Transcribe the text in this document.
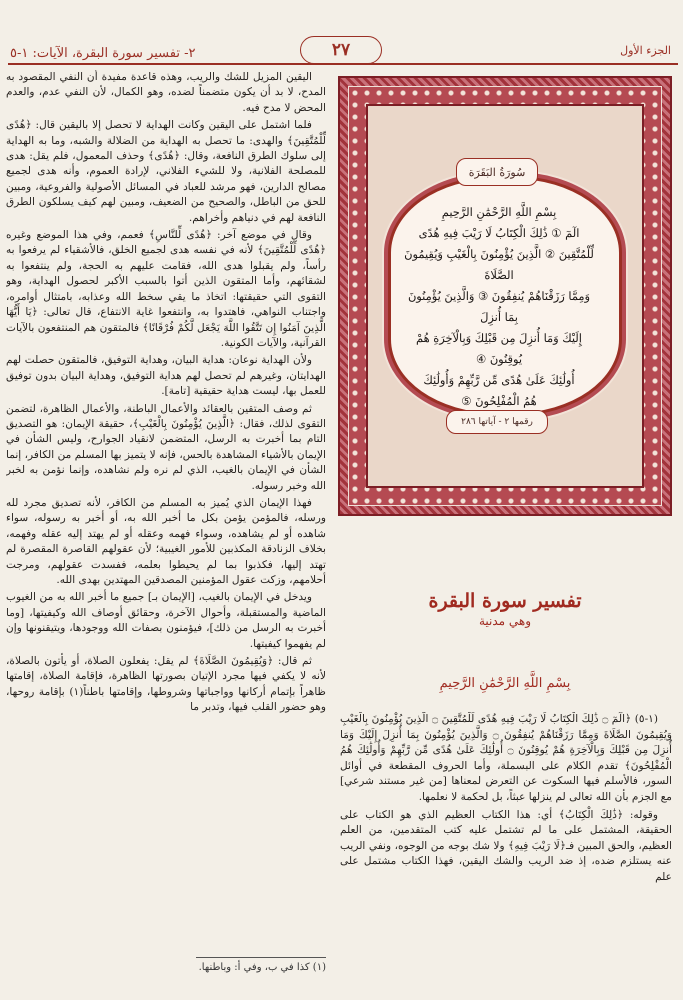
٢- تفسير سورة البقرة، الآيات: ١-٥	٢٧	الجزء الأول

اليقين المزيل للشك والريب، وهذه قاعدة مفيدة أن النفي المقصود به المدح، لا بد أن يكون متضمناً لضده، وهو الكمال، لأن النفي عدم، والعدم المحض لا مدح فيه.

فلما اشتمل على اليقين وكانت الهداية لا تحصل إلا باليقين قال: ﴿هُدًى لِّلْمُتَّقِينَ﴾ والهدى: ما تحصل به الهداية من الضلالة والشبه، وما به الهداية إلى سلوك الطرق النافعة، وقال: ﴿هُدًى﴾ وحذف المعمول، فلم يقل: هدى للمصلحة الفلانية، ولا للشيء الفلاني، لإرادة العموم، وأنه هدى لجميع مصالح الدارين، فهو مرشد للعباد في المسائل الأصولية والفروعية، ومبين للحق من الباطل، والصحيح من الضعيف، ومبين لهم كيف يسلكون الطرق النافعة لهم في دنياهم وأخراهم.

وقال في موضع آخر: ﴿هُدًى لِّلنَّاسِ﴾ فعمم، وفي هذا الموضع وغيره ﴿هُدًى لِّلْمُتَّقِينَ﴾ لأنه في نفسه هدى لجميع الخلق، فالأشقياء لم يرفعوا به رأساً، ولم يقبلوا هدى الله، فقامت عليهم به الحجة، ولم ينتفعوا به لشقائهم، وأما المتقون الذين أتوا بالسبب الأكبر لحصول الهداية، وهو التقوى التي حقيقتها: اتخاذ ما يقي سخط الله وعذابه، بامتثال أوامره، واجتناب النواهي، فاهتدوا به، وانتفعوا غاية الانتفاع، قال تعالى: ﴿يَا أَيُّهَا الَّذِينَ آمَنُوا إِن تَتَّقُوا اللَّهَ يَجْعَل لَّكُمْ فُرْقَانًا﴾ فالمتقون هم المنتفعون بالآيات القرآنية، والآيات الكونية.

ولأن الهداية نوعان: هداية البيان، وهداية التوفيق، فالمتقون حصلت لهم الهدايتان، وغيرهم لم تحصل لهم هداية التوفيق، وهداية البيان بدون توفيق للعمل بها، ليست هداية حقيقية [تامة].

ثم وصف المتقين بالعقائد والأعمال الباطنة، والأعمال الظاهرة، لتضمن التقوى لذلك، فقال: ﴿الَّذِينَ يُؤْمِنُونَ بِالْغَيْبِ﴾، حقيقة الإيمان: هو التصديق التام بما أخبرت به الرسل، المتضمن لانقياد الجوارح، وليس الشأن في الإيمان بالأشياء المشاهدة بالحس، فإنه لا يتميز بها المسلم من الكافر، إنما الشأن في الإيمان بالغيب، الذي لم نره ولم نشاهده، وإنما نؤمن به لخبر الله وخبر رسوله.

فهذا الإيمان الذي يُميز به المسلم من الكافر، لأنه تصديق مجرد لله ورسله، فالمؤمن يؤمن بكل ما أخبر الله به، أو أخبر به رسوله، سواء شاهده أو لم يشاهده، وسواء فهمه وعقله أو لم يهتد إليه عقله وفهمه، بخلاف الزنادقة المكذبين للأمور الغيبية؛ لأن عقولهم القاصرة المقصرة لم تهتد إليها، فكذبوا بما لم يحيطوا بعلمه، ففسدت عقولهم، ومرجت أحلامهم، وزكت عقول المؤمنين المصدقين المهتدين بهدى الله.

ويدخل في الإيمان بالغيب، [الإيمان بـ] جميع ما أخبر الله به من الغيوب الماضية والمستقبلة، وأحوال الآخرة، وحقائق أوصاف الله وكيفيتها، [وما أخبرت به الرسل من ذلك]، فيؤمنون بصفات الله ووجودها، ويتيقنونها وإن لم يفهموا كيفيتها.

ثم قال: ﴿وَيُقِيمُونَ الصَّلَاةَ﴾ لم يقل: يفعلون الصلاة، أو يأتون بالصلاة، لأنه لا يكفي فيها مجرد الإتيان بصورتها الظاهرة، فإقامة الصلاة، إقامتها ظاهراً بإتمام أركانها وواجباتها وشروطها، وإقامتها باطناً(١) بإقامة روحها، وهو حضور القلب فيها، وتدبر ما

(١) كذا في ب، وفي أ: وباطنها.
سُورَةُ البَقَرَة
بِسْمِ اللَّهِ الرَّحْمَٰنِ الرَّحِيمِ
الٓمٓ ① ذَٰلِكَ الْكِتَابُ لَا رَيْبَ فِيهِ هُدًى
لِّلْمُتَّقِينَ ② الَّذِينَ يُؤْمِنُونَ بِالْغَيْبِ وَيُقِيمُونَ الصَّلَاةَ
وَمِمَّا رَزَقْنَاهُمْ يُنفِقُونَ ③ وَالَّذِينَ يُؤْمِنُونَ بِمَا أُنزِلَ
إِلَيْكَ وَمَا أُنزِلَ مِن قَبْلِكَ وَبِالْآخِرَةِ هُمْ يُوقِنُونَ ④
أُولَٰئِكَ عَلَىٰ هُدًى مِّن رَّبِّهِمْ وَأُولَٰئِكَ
هُمُ الْمُفْلِحُونَ ⑤
رقمها ٢ - آياتها ٢٨٦
تفسير سورة البقرة
وهي مدنية
بِسْمِ اللَّهِ الرَّحْمَٰنِ الرَّحِيمِ

(١-٥) ﴿الٓمٓ ۝ ذَٰلِكَ الْكِتَابُ لَا رَيْبَ فِيهِ هُدًى لِّلْمُتَّقِينَ ۝ الَّذِينَ يُؤْمِنُونَ بِالْغَيْبِ وَيُقِيمُونَ الصَّلَاةَ وَمِمَّا رَزَقْنَاهُمْ يُنفِقُونَ ۝ وَالَّذِينَ يُؤْمِنُونَ بِمَا أُنزِلَ إِلَيْكَ وَمَا أُنزِلَ مِن قَبْلِكَ وَبِالْآخِرَةِ هُمْ يُوقِنُونَ ۝ أُولَٰئِكَ عَلَىٰ هُدًى مِّن رَّبِّهِمْ وَأُولَٰئِكَ هُمُ الْمُفْلِحُونَ﴾ تقدم الكلام على البسملة، وأما الحروف المقطعة في أوائل السور، فالأسلم فيها السكوت عن التعرض لمعناها [من غير مستند شرعي] مع الجزم بأن الله تعالى لم ينزلها عبثاً، بل لحكمة لا نعلمها.

وقوله: ﴿ذَٰلِكَ الْكِتَابُ﴾ أي: هذا الكتاب العظيم الذي هو الكتاب على الحقيقة، المشتمل على ما لم تشتمل عليه كتب المتقدمين، من العلم العظيم، والحق المبين فـ﴿لَا رَيْبَ فِيهِ﴾ ولا شك بوجه من الوجوه، ونفي الريب عنه يستلزم ضده، إذ ضد الريب والشك اليقين، فهذا الكتاب مشتمل على علم
